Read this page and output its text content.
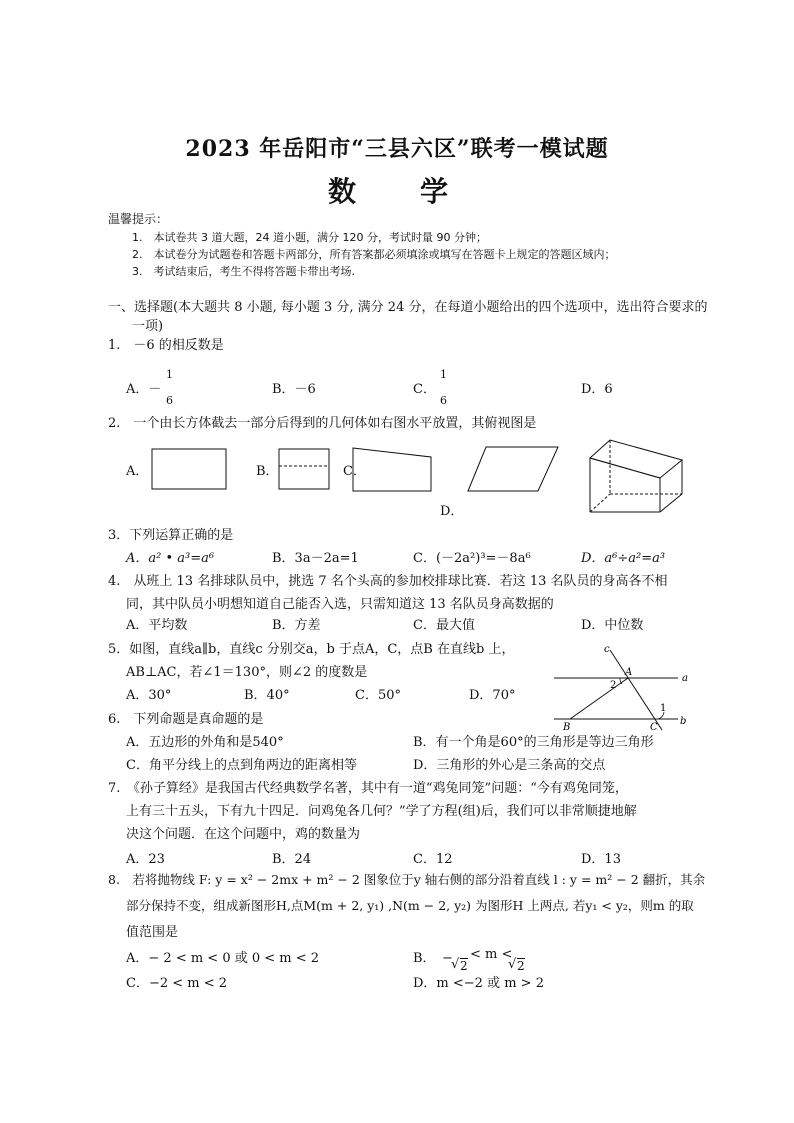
2023 年岳阳市“三县六区”联考一模试题
数　学
温馨提示：
1.　本试卷共 3 道大题，24 道小题，满分 120 分，考试时量 90 分钟；
2.　本试卷分为试题卷和答题卡两部分，所有答案都必须填涂或填写在答题卡上规定的答题区域内；
3.　考试结束后，考生不得将答题卡带出考场.
一、选择题(本大题共 8 小题, 每小题 3 分, 满分 24 分，在每道小题给出的四个选项中，选出符合要求的
一项)
1.　－6 的相反数是
A．－
1
6
B．－6	C．
1
6
D．6
2.　一个由长方体截去一部分后得到的几何体如右图水平放置，其俯视图是
A．	B．	C．
D．
3．下列运算正确的是
A．a² • a³=a⁶	B．3a－2a=1	C．(－2a²)³=－8a⁶	D．a⁶÷a²=a³
4.　从班上 13 名排球队员中，挑选 7 名个头高的参加校排球比赛．若这 13 名队员的身高各不相
同，其中队员小明想知道自己能否入选，只需知道这 13 名队员身高数据的
A．平均数	B．方差	C．最大值	D．中位数
5．如图，直线a∥b，直线c 分别交a，b 于点A，C，点B 在直线b 上，
AB⊥AC，若∠1＝130°，则∠2 的度数是
A．30°	B．40°	C．50°	D．70°
c
a
b
A
B	C
1
2
6.　下列命题是真命题的是
A．五边形的外角和是540°	B．有一个角是60°的三角形是等边三角形
C．角平分线上的点到角两边的距离相等	D．三角形的外心是三条高的交点
7.　《孙子算经》是我国古代经典数学名著，其中有一道“鸡兔同笼”问题：“今有鸡兔同笼，
上有三十五头，下有九十四足．问鸡兔各几何？”学了方程(组)后，我们可以非常顺捷地解
决这个问题．在这个问题中，鸡的数量为
A．23	B．24	C．12	D．13
8.　若将抛物线 F: y = x² − 2mx + m² − 2 图象位于y 轴右侧的部分沿着直线 l : y = m² − 2 翻折，其余
部分保持不变，组成新图形H,点M(m + 2, y₁) ,N(m − 2, y₂) 为图形H 上两点, 若y₁ < y₂，则m 的取
值范围是
A．− 2 < m < 0 或 0 < m < 2	B．　−
√ 2
< m <
√ 2
C．−2 < m < 2	D．m <−2 或 m > 2
